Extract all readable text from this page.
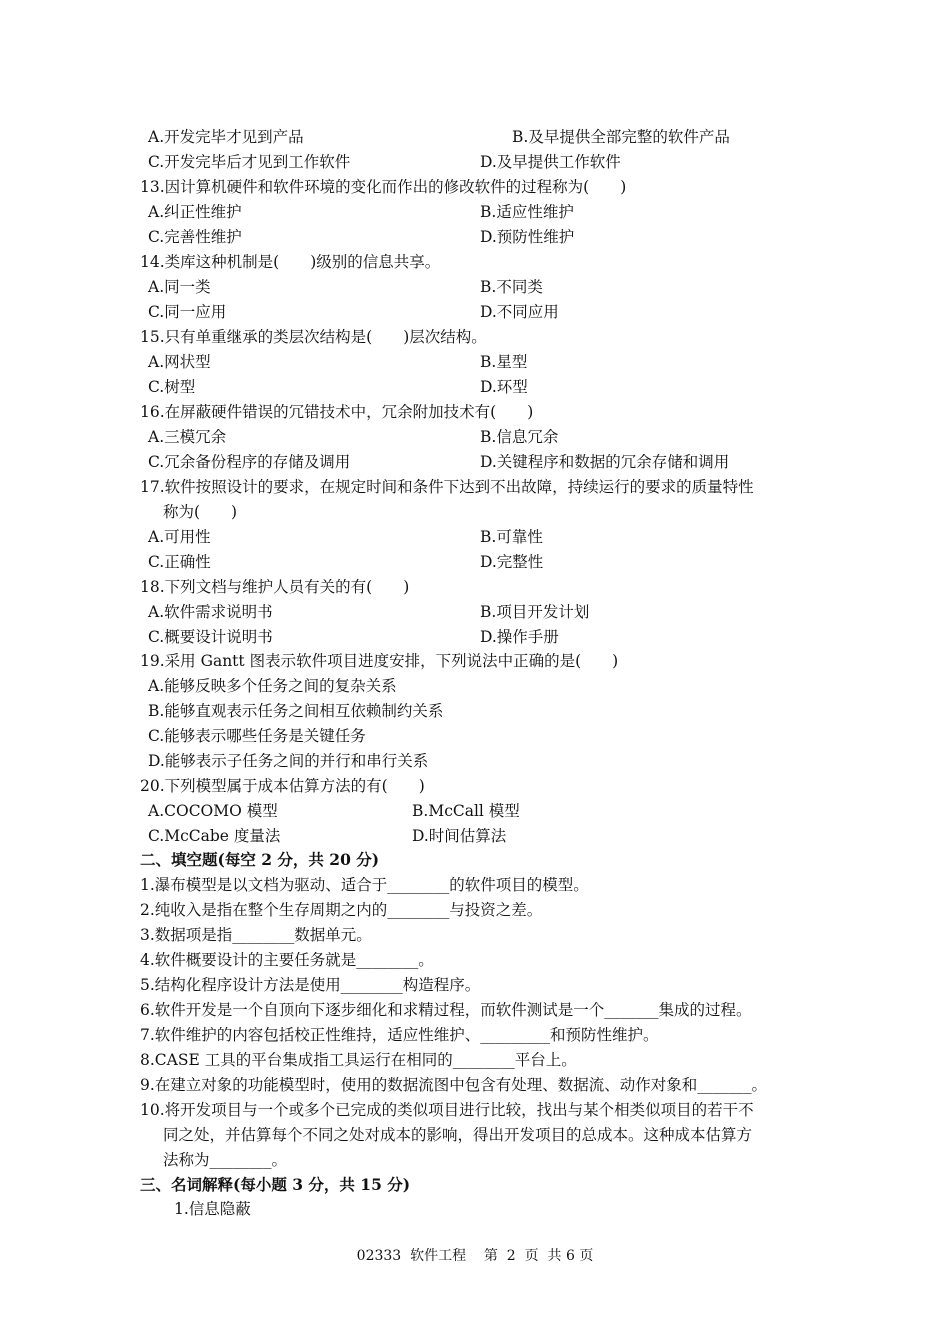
A.开发完毕才见到产品	B.及早提供全部完整的软件产品
C.开发完毕后才见到工作软件	D.及早提供工作软件
13.因计算机硬件和软件环境的变化而作出的修改软件的过程称为(　　)
A.纠正性维护	B.适应性维护
C.完善性维护	D.预防性维护
14.类库这种机制是(　　)级别的信息共享。
A.同一类	B.不同类
C.同一应用	D.不同应用
15.只有单重继承的类层次结构是(　　)层次结构。
A.网状型	B.星型
C.树型	D.环型
16.在屏蔽硬件错误的冗错技术中，冗余附加技术有(　　)
A.三模冗余	B.信息冗余
C.冗余备份程序的存储及调用	D.关键程序和数据的冗余存储和调用
17.软件按照设计的要求，在规定时间和条件下达到不出故障，持续运行的要求的质量特性
称为(　　)
A.可用性	B.可靠性
C.正确性	D.完整性
18.下列文档与维护人员有关的有(　　)
A.软件需求说明书	B.项目开发计划
C.概要设计说明书	D.操作手册
19.采用 Gantt 图表示软件项目进度安排，下列说法中正确的是(　　)
A.能够反映多个任务之间的复杂关系
B.能够直观表示任务之间相互依赖制约关系
C.能够表示哪些任务是关键任务
D.能够表示子任务之间的并行和串行关系
20.下列模型属于成本估算方法的有(　　)
A.COCOMO 模型	B.McCall 模型
C.McCabe 度量法	D.时间估算法
二、填空题(每空 2 分，共 20 分)
1.瀑布模型是以文档为驱动、适合于________的软件项目的模型。
2.纯收入是指在整个生存周期之内的________与投资之差。
3.数据项是指________数据单元。
4.软件概要设计的主要任务就是________。
5.结构化程序设计方法是使用________构造程序。
6.软件开发是一个自顶向下逐步细化和求精过程，而软件测试是一个_______集成的过程。
7.软件维护的内容包括校正性维持，适应性维护、_________和预防性维护。
8.CASE 工具的平台集成指工具运行在相同的________平台上。
9.在建立对象的功能模型时，使用的数据流图中包含有处理、数据流、动作对象和_______。
10.将开发项目与一个或多个已完成的类似项目进行比较，找出与某个相类似项目的若干不
同之处，并估算每个不同之处对成本的影响，得出开发项目的总成本。这种成本估算方
法称为________。
三、名词解释(每小题 3 分，共 15 分)
1.信息隐蔽
02333  软件工程    第  2  页  共 6 页
